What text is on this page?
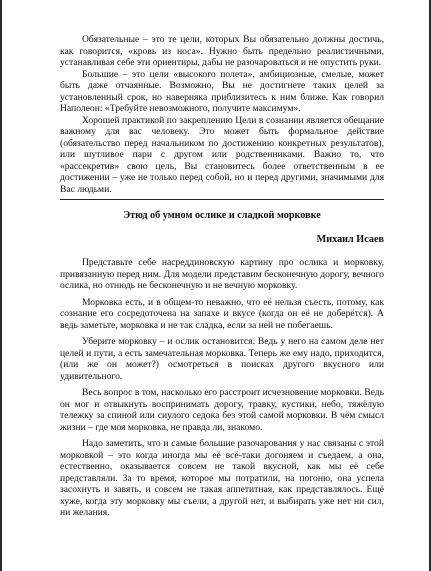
Обязательные – это те цели, которых Вы обязательно должны достичь, как говорится, «кровь из носа». Нужно быть предельно реалистичными, устанавливая себе эти ориентиры, дабы не разочароваться и не опустить руки.

Большие – это цели «высокого полета», амбициозные, смелые, может быть даже отчаянные. Возможно, Вы не достигнете таких целей за установленный срок, но наверняка приблизитесь к ним ближе. Как говорил Наполеон: «Требуйте невозможного, получите максимум».

Хорошей практикой по закреплению Цели в сознании является обещание важному для вас человеку. Это может быть формальное действие (обязательство перед начальником по достижению конкретных результатов), или шутливое пари с другом или родственниками. Важно то, что «рассекретив» свою цель, Вы становитесь более ответственным в ее достижении – уже не только перед собой, но и перед другими, значимыми для Вас людьми.

Этюд об умном ослике и сладкой морковке
Михаил Исаев

Представьте себе насреддиновскую картину про ослика и морковку, привязанную перед ним. Для модели представим бесконечную дорогу, вечного ослика, но отнюдь не бесконечную и не вечную морковку.

Морковка есть, и в общем-то неважно, что её нельзя съесть, потому, как сознание его сосредоточена на запахе и вкусе (когда он её не доберётся). А ведь заметьте, морковка и не так сладка, если за ней не побегаешь.

Уберите морковку – и ослик остановится. Ведь у него на самом деле нет целей и пути, а есть замечательная морковка. Теперь же ему надо, приходится, (или же он может?) осмотреться в поисках другого вкусного или удивительного.

Весь вопрос в том, насколько его расстроит исчезновение морковки. Ведь он мог и отвыкнуть воспринимать дорогу, травку, кустики, небо, тяжёлую тележку за спиной или сиулого седока без этой самой морковки. В чём смысл жизни – где моя морковка, не правда ли, знакомо.

Надо заметить, что и самые большие разочарования у нас связаны с этой морковкой – это когда иногда мы её всё-таки догоняем и съедаем, а она, естественно, оказывается совсем не такой вкусной, как мы её себе представляли. За то время, которое мы потратили, на погоню, она успела засохнуть и завять, и совсем не такая аппетитная, как представлялось. Ещё хуже, когда эту морковку мы съели, а другой нет, и выбирать уже нет ни сил, ни желания.
